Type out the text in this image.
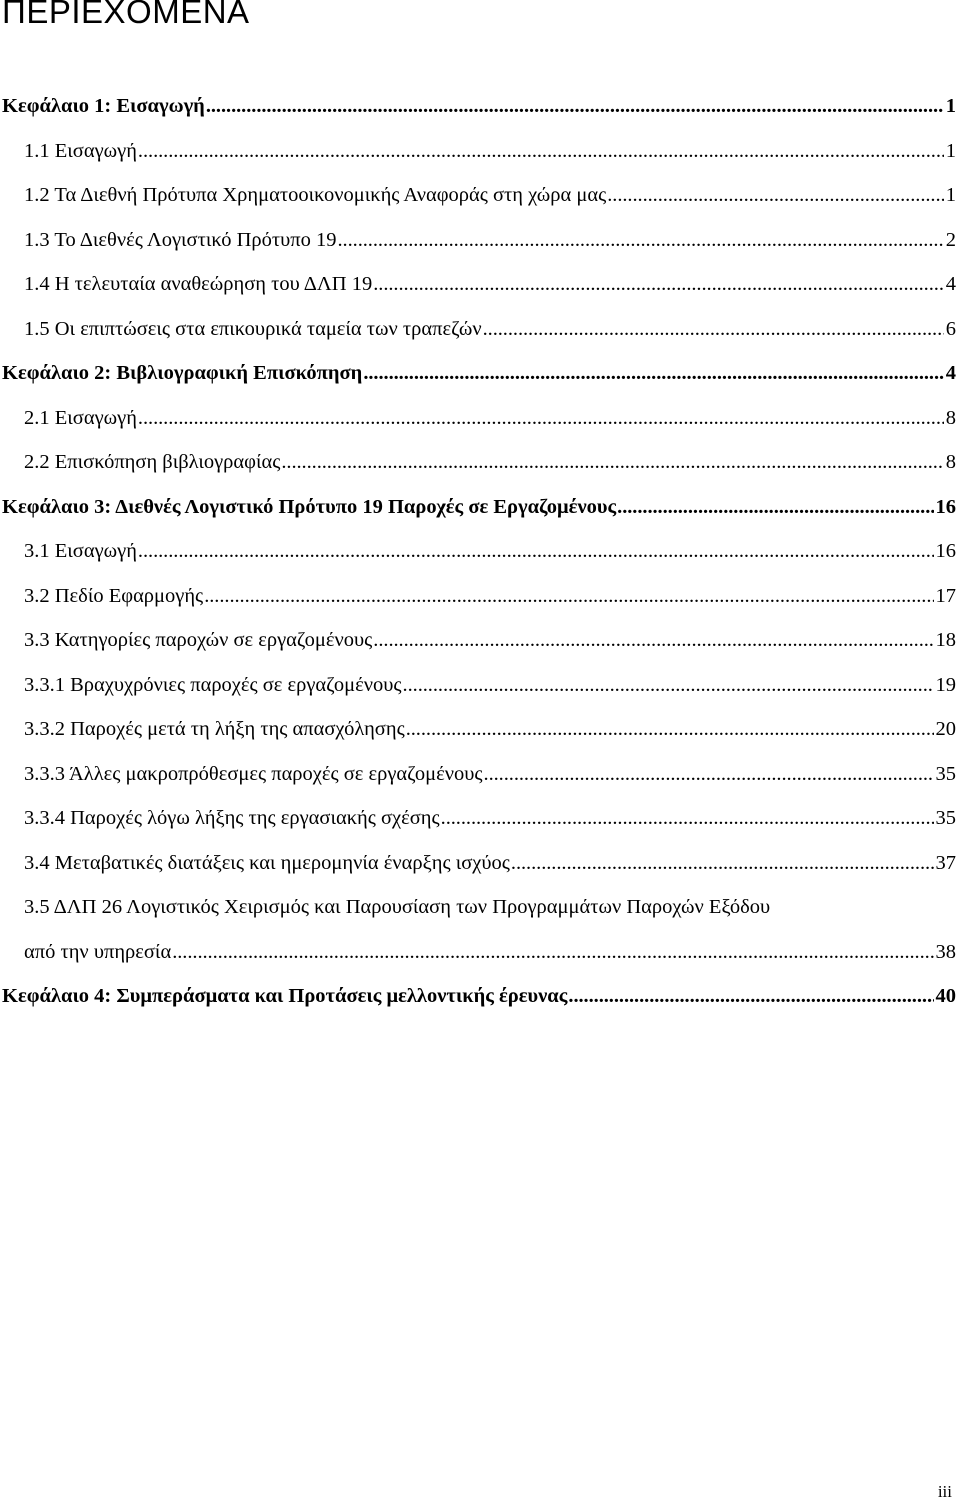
ΠΕΡΙΕΧΟΜΕΝΑ
Κεφάλαιο 1: Εισαγωγή . . .	1
1.1 Εισαγωγή . . .	1
1.2 Τα Διεθνή Πρότυπα Χρηματοοικονομικής Αναφοράς στη χώρα μας . . .	1
1.3 Το Διεθνές Λογιστικό Πρότυπο 19 . . .	2
1.4 Η τελευταία αναθεώρηση του ΔΛΠ 19 . . .	4
1.5 Οι επιπτώσεις στα επικουρικά ταμεία των τραπεζών . . .	6
Κεφάλαιο 2: Βιβλιογραφική Επισκόπηση . . .	4
2.1 Εισαγωγή . . .	8
2.2 Επισκόπηση βιβλιογραφίας . . .	8
Κεφάλαιο 3: Διεθνές Λογιστικό Πρότυπο 19 Παροχές σε Εργαζομένους . . .	16
3.1 Εισαγωγή . . .	16
3.2 Πεδίο Εφαρμογής . . .	17
3.3 Κατηγορίες παροχών σε εργαζομένους . . .	18
3.3.1 Βραχυχρόνιες παροχές σε εργαζομένους . . .	19
3.3.2 Παροχές μετά τη λήξη της απασχόλησης . . .	20
3.3.3 Άλλες μακροπρόθεσμες παροχές σε εργαζομένους . . .	35
3.3.4 Παροχές λόγω λήξης της εργασιακής σχέσης . . .	35
3.4 Μεταβατικές διατάξεις και ημερομηνία έναρξης ισχύος . . .	37
3.5 ΔΛΠ 26 Λογιστικός Χειρισμός και Παρουσίαση των Προγραμμάτων Παροχών Εξόδου
από την υπηρεσία . . .	38
Κεφάλαιο 4: Συμπεράσματα και Προτάσεις μελλοντικής έρευνας . . .	40
iii
